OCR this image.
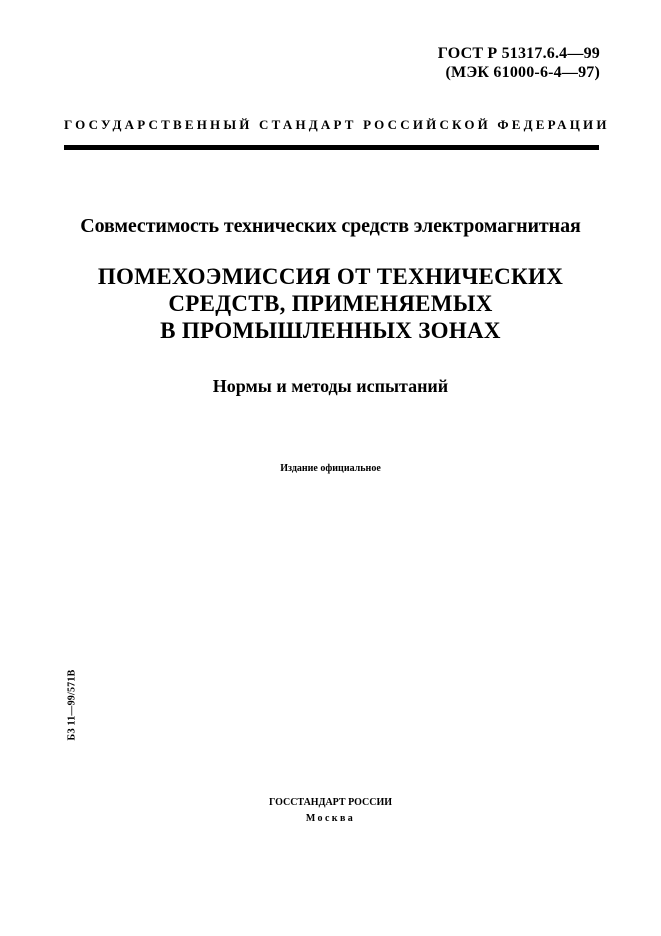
ГОСТ Р 51317.6.4—99
(МЭК 61000-6-4—97)
ГОСУДАРСТВЕННЫЙ СТАНДАРТ РОССИЙСКОЙ ФЕДЕРАЦИИ
Совместимость технических средств электромагнитная
ПОМЕХОЭМИССИЯ ОТ ТЕХНИЧЕСКИХ
СРЕДСТВ, ПРИМЕНЯЕМЫХ
В ПРОМЫШЛЕННЫХ ЗОНАХ
Нормы и методы испытаний
Издание официальное
БЗ 11—99/571В
ГОССТАНДАРТ РОССИИ
Москва
